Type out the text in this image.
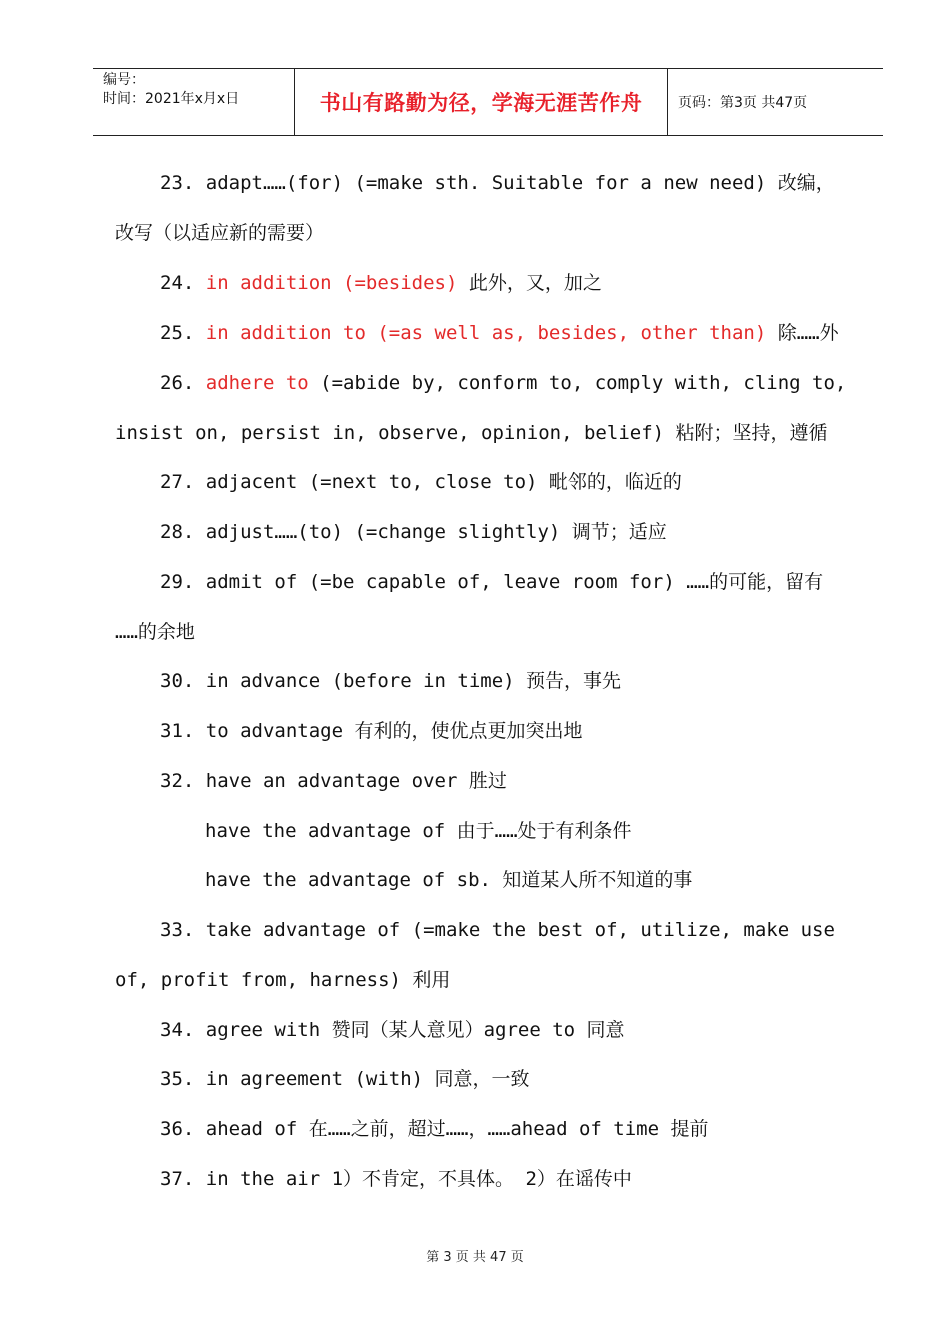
编号：
时间：2021年x月x日	书山有路勤为径，学海无涯苦作舟	页码：第3页 共47页
23. adapt……(for) (=make sth. Suitable for a new need) 改编，
改写（以适应新的需要）
24. in addition (=besides) 此外，又，加之
25. in addition to (=as well as, besides, other than) 除……外
26. adhere to (=abide by, conform to, comply with, cling to,
insist on, persist in, observe, opinion, belief) 粘附；坚持，遵循
27. adjacent (=next to, close to) 毗邻的，临近的
28. adjust……(to) (=change slightly) 调节；适应
29. admit of (=be capable of, leave room for) ……的可能，留有
……的余地
30. in advance (before in time) 预告，事先
31. to advantage 有利的，使优点更加突出地
32. have an advantage over 胜过
have the advantage of 由于……处于有利条件
have the advantage of sb. 知道某人所不知道的事
33. take advantage of (=make the best of, utilize, make use
of, profit from, harness) 利用
34. agree with 赞同（某人意见）agree to 同意
35. in agreement (with) 同意，一致
36. ahead of 在……之前，超过……，……ahead of time 提前
37. in the air 1）不肯定，不具体。 2）在谣传中
第 3 页 共 47 页
